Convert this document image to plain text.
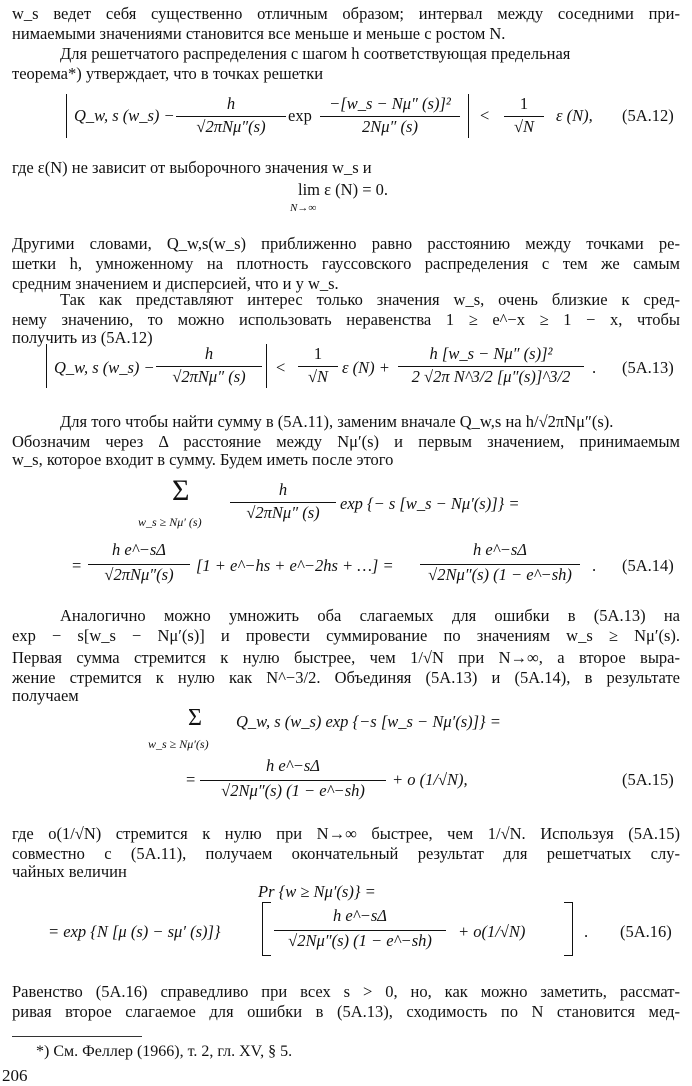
w_s ведет себя существенно отличным образом; интервал между соседними при-
нимаемыми значениями становится все меньше и меньше с ростом N.
Для решетчатого распределения с шагом h соответствующая предельная
теорема*) утверждает, что в точках решетки
Q_w, s (w_s) −
h
√2πNμ″(s)
exp
−[w_s − Nμ″ (s)]²
2Nμ″ (s)
<
1
√N
ε (N), (5A.12)
где ε(N) не зависит от выборочного значения w_s и
lim ε (N) = 0.
N→∞
Другими словами, Q_w,s(w_s) приближенно равно расстоянию между точками ре-
шетки h, умноженному на плотность гауссовского распределения с тем же самым
средним значением и дисперсией, что и у w_s.
Так как представляют интерес только значения w_s, очень близкие к сред-
нему значению, то можно использовать неравенства 1 ≥ e^−x ≥ 1 − x, чтобы
получить из (5A.12)
Q_w, s (w_s) −
h
√2πNμ″ (s)	<
1
√N ε (N) +
h [w_s − Nμ″ (s)]²
2 √2π N^3/2 [μ″(s)]^3/2	. (5A.13)
Для того чтобы найти сумму в (5A.11), заменим вначале Q_w,s на h/√2πNμ″(s).
Обозначим через Δ расстояние между Nμ′(s) и первым значением, принимаемым
w_s, которое входит в сумму. Будем иметь после этого
Σ
w_s ≥ Nμ′ (s)
h
√2πNμ″ (s)	exp {− s [w_s − Nμ′(s)]} =
=
h e^−sΔ
√2πNμ″(s)	[1 + e^−hs + e^−2hs + …] =
h e^−sΔ
√2Nμ″(s) (1 − e^−sh)	. (5A.14)
Аналогично можно умножить оба слагаемых для ошибки в (5A.13) на
exp − s[w_s − Nμ′(s)] и провести суммирование по значениям w_s ≥ Nμ′(s).
Первая сумма стремится к нулю быстрее, чем 1/√N при N→∞, а второе выра-
жение стремится к нулю как N^−3/2. Объединяя (5A.13) и (5A.14), в результате
получаем
Σ
w_s ≥ Nμ′(s)
Q_w, s (w_s) exp {−s [w_s − Nμ′(s)]} =
=
h e^−sΔ
√2Nμ″(s) (1 − e^−sh)
+ o (1/√N),	(5A.15)
где o(1/√N) стремится к нулю при N→∞ быстрее, чем 1/√N. Используя (5A.15)
совместно с (5A.11), получаем окончательный результат для решетчатых слу-
чайных величин
Pr {w ≥ Nμ′(s)} =
= exp {N [μ (s) − sμ′ (s)]}
h e^−sΔ
√2Nμ″(s) (1 − e^−sh)	+ o(1/√N)	. (5A.16)
Равенство (5A.16) справедливо при всех s > 0, но, как можно заметить, рассмат-
ривая второе слагаемое для ошибки в (5A.13), сходимость по N становится мед-
*) См. Феллер (1966), т. 2, гл. XV, § 5.
206
